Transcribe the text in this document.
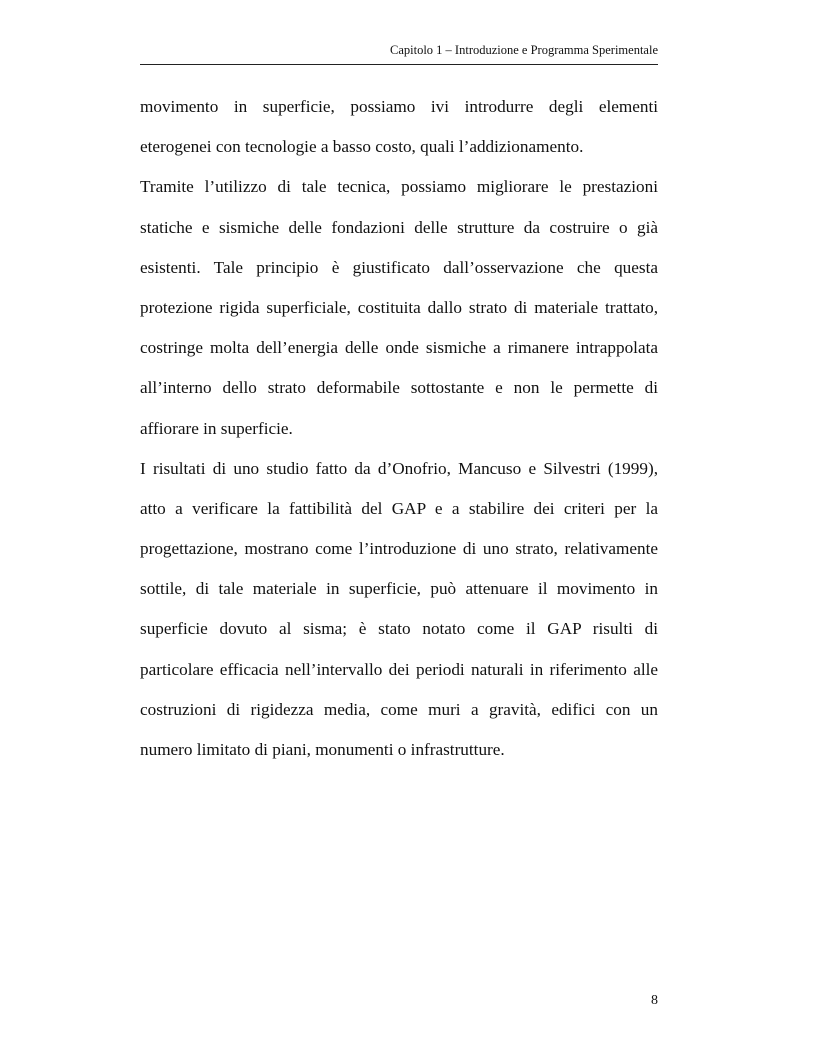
Capitolo 1 – Introduzione e Programma Sperimentale
movimento in superficie, possiamo ivi introdurre degli elementi
eterogenei con tecnologie a basso costo, quali l’addizionamento.
Tramite l’utilizzo di tale tecnica, possiamo migliorare le prestazioni
statiche e sismiche delle fondazioni delle strutture da costruire o già
esistenti. Tale principio è giustificato dall’osservazione che questa
protezione rigida superficiale, costituita dallo strato di materiale trattato,
costringe molta dell’energia delle onde sismiche a rimanere intrappolata
all’interno dello strato deformabile sottostante e non le permette di
affiorare in superficie.
I risultati di uno studio fatto da d’Onofrio, Mancuso e Silvestri (1999),
atto a verificare la fattibilità del GAP e a stabilire dei criteri per la
progettazione, mostrano come l’introduzione di uno strato, relativamente
sottile, di tale materiale in superficie, può attenuare il movimento in
superficie dovuto al sisma; è stato notato come il GAP risulti di
particolare efficacia nell’intervallo dei periodi naturali in riferimento alle
costruzioni di rigidezza media, come muri a gravità, edifici con un
numero limitato di piani, monumenti o infrastrutture.
8
